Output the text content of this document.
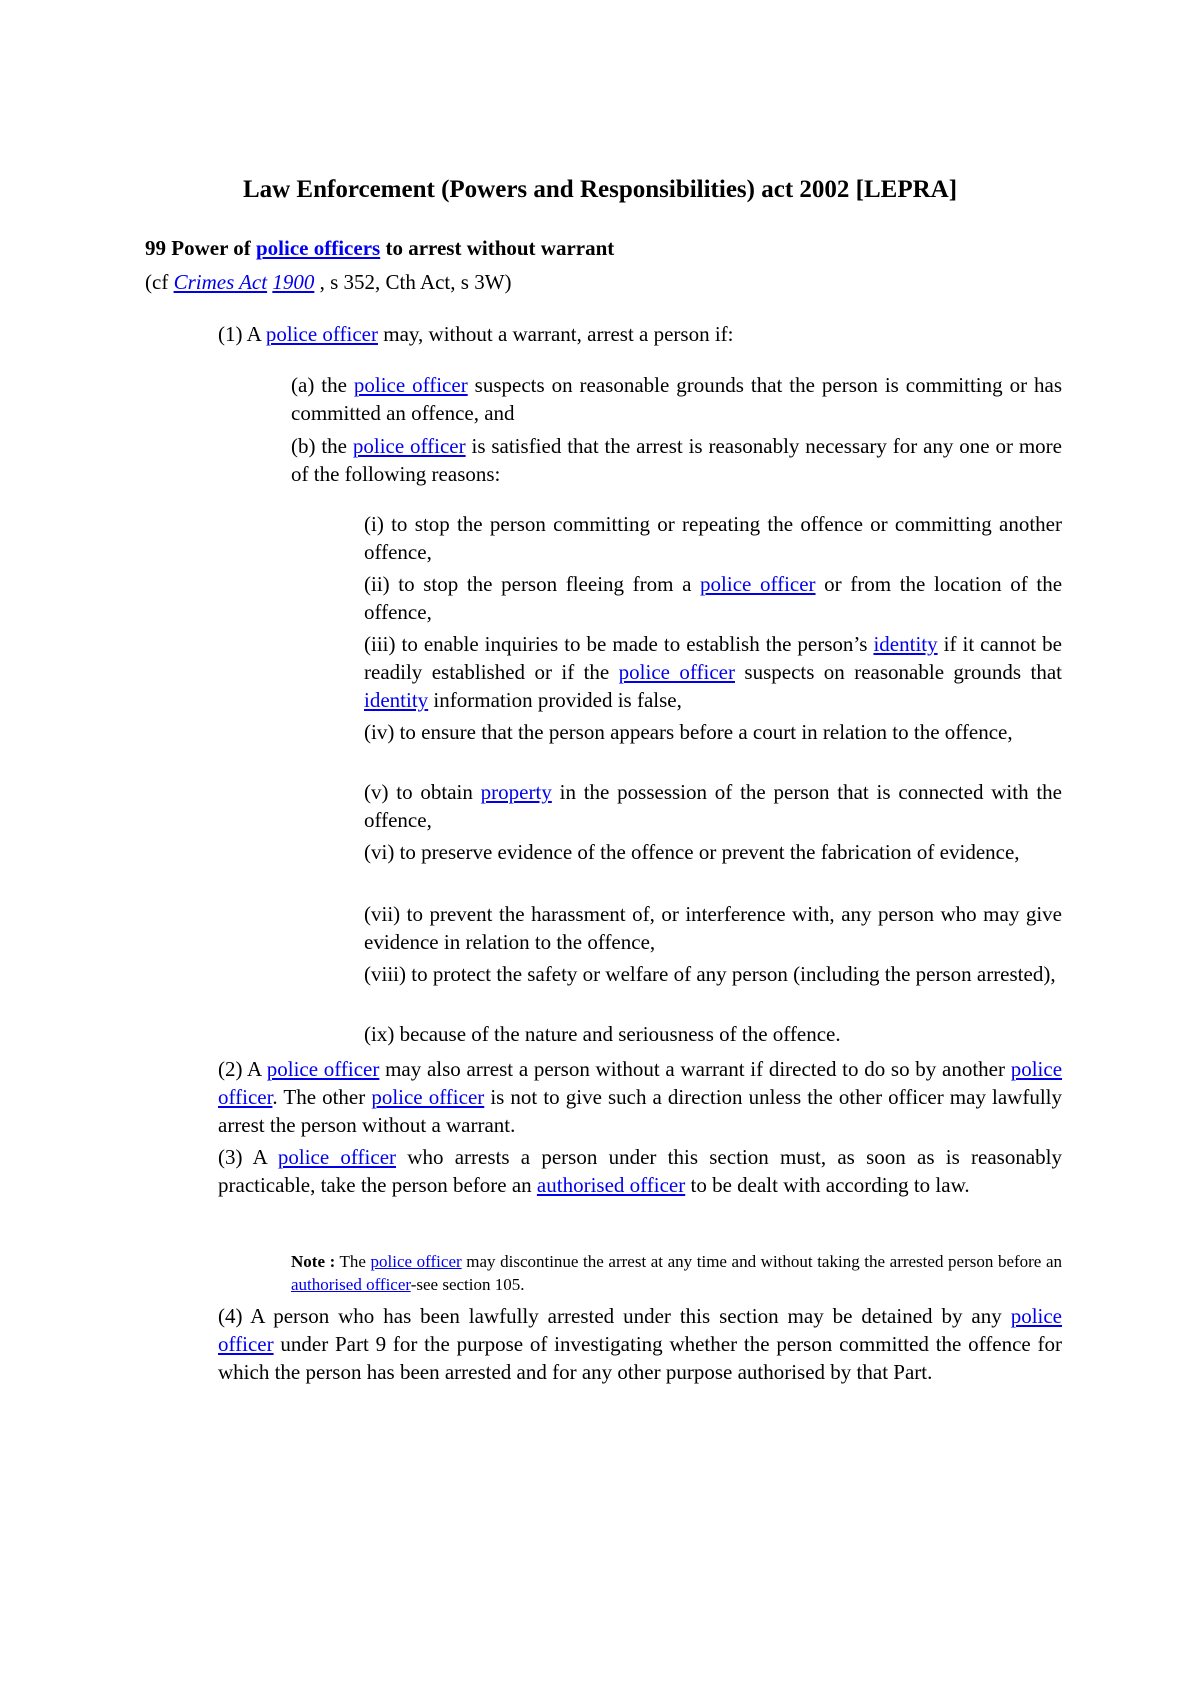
Law Enforcement (Powers and Responsibilities) act 2002 [LEPRA]
99 Power of police officers to arrest without warrant

(cf Crimes Act 1900 , s 352, Cth Act, s 3W)

(1) A police officer may, without a warrant, arrest a person if:

(a) the police officer suspects on reasonable grounds that the person is committing or has committed an offence, and

(b) the police officer is satisfied that the arrest is reasonably necessary for any one or more of the following reasons:

(i) to stop the person committing or repeating the offence or committing another offence,

(ii) to stop the person fleeing from a police officer or from the location of the offence,

(iii) to enable inquiries to be made to establish the person’s identity if it cannot be readily established or if the police officer suspects on reasonable grounds that identity information provided is false,

(iv) to ensure that the person appears before a court in relation to the offence,

(v) to obtain property in the possession of the person that is connected with the offence,

(vi) to preserve evidence of the offence or prevent the fabrication of evidence,

(vii) to prevent the harassment of, or interference with, any person who may give evidence in relation to the offence,

(viii) to protect the safety or welfare of any person (including the person arrested),

(ix) because of the nature and seriousness of the offence.

(2) A police officer may also arrest a person without a warrant if directed to do so by another police officer. The other police officer is not to give such a direction unless the other officer may lawfully arrest the person without a warrant.

(3) A police officer who arrests a person under this section must, as soon as is reasonably practicable, take the person before an authorised officer to be dealt with according to law.

Note : The police officer may discontinue the arrest at any time and without taking the arrested person before an authorised officer-see section 105.

(4) A person who has been lawfully arrested under this section may be detained by any police officer under Part 9 for the purpose of investigating whether the person committed the offence for which the person has been arrested and for any other purpose authorised by that Part.
